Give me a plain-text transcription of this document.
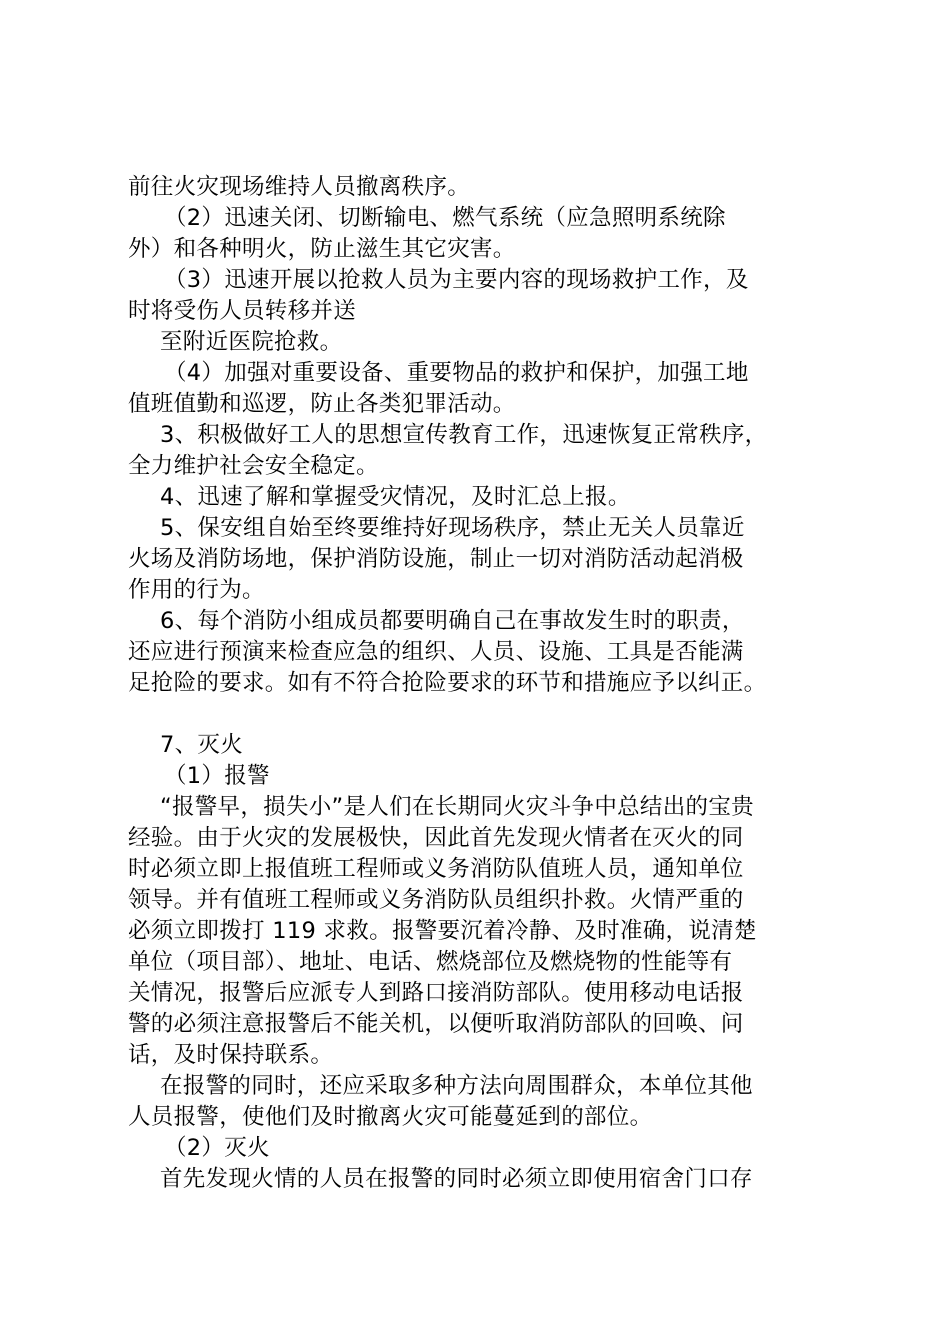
前往火灾现场维持人员撤离秩序。
（2）迅速关闭、切断输电、燃气系统（应急照明系统除
外）和各种明火，防止滋生其它灾害。
（3）迅速开展以抢救人员为主要内容的现场救护工作，及
时将受伤人员转移并送
至附近医院抢救。
（4）加强对重要设备、重要物品的救护和保护，加强工地
值班值勤和巡逻，防止各类犯罪活动。
3、积极做好工人的思想宣传教育工作，迅速恢复正常秩序，
全力维护社会安全稳定。
4、迅速了解和掌握受灾情况，及时汇总上报。
5、保安组自始至终要维持好现场秩序，禁止无关人员靠近
火场及消防场地，保护消防设施，制止一切对消防活动起消极
作用的行为。
6、每个消防小组成员都要明确自己在事故发生时的职责，
还应进行预演来检查应急的组织、人员、设施、工具是否能满
足抢险的要求。如有不符合抢险要求的环节和措施应予以纠正。
7、灭火
（1）报警
“报警早，损失小”是人们在长期同火灾斗争中总结出的宝贵
经验。由于火灾的发展极快，因此首先发现火情者在灭火的同
时必须立即上报值班工程师或义务消防队值班人员，通知单位
领导。并有值班工程师或义务消防队员组织扑救。火情严重的
必须立即拨打 119 求救。报警要沉着冷静、及时准确，说清楚
单位（项目部）、地址、电话、燃烧部位及燃烧物的性能等有
关情况，报警后应派专人到路口接消防部队。使用移动电话报
警的必须注意报警后不能关机，以便听取消防部队的回唤、问
话，及时保持联系。
在报警的同时，还应采取多种方法向周围群众，本单位其他
人员报警，使他们及时撤离火灾可能蔓延到的部位。
（2）灭火
首先发现火情的人员在报警的同时必须立即使用宿舍门口存
